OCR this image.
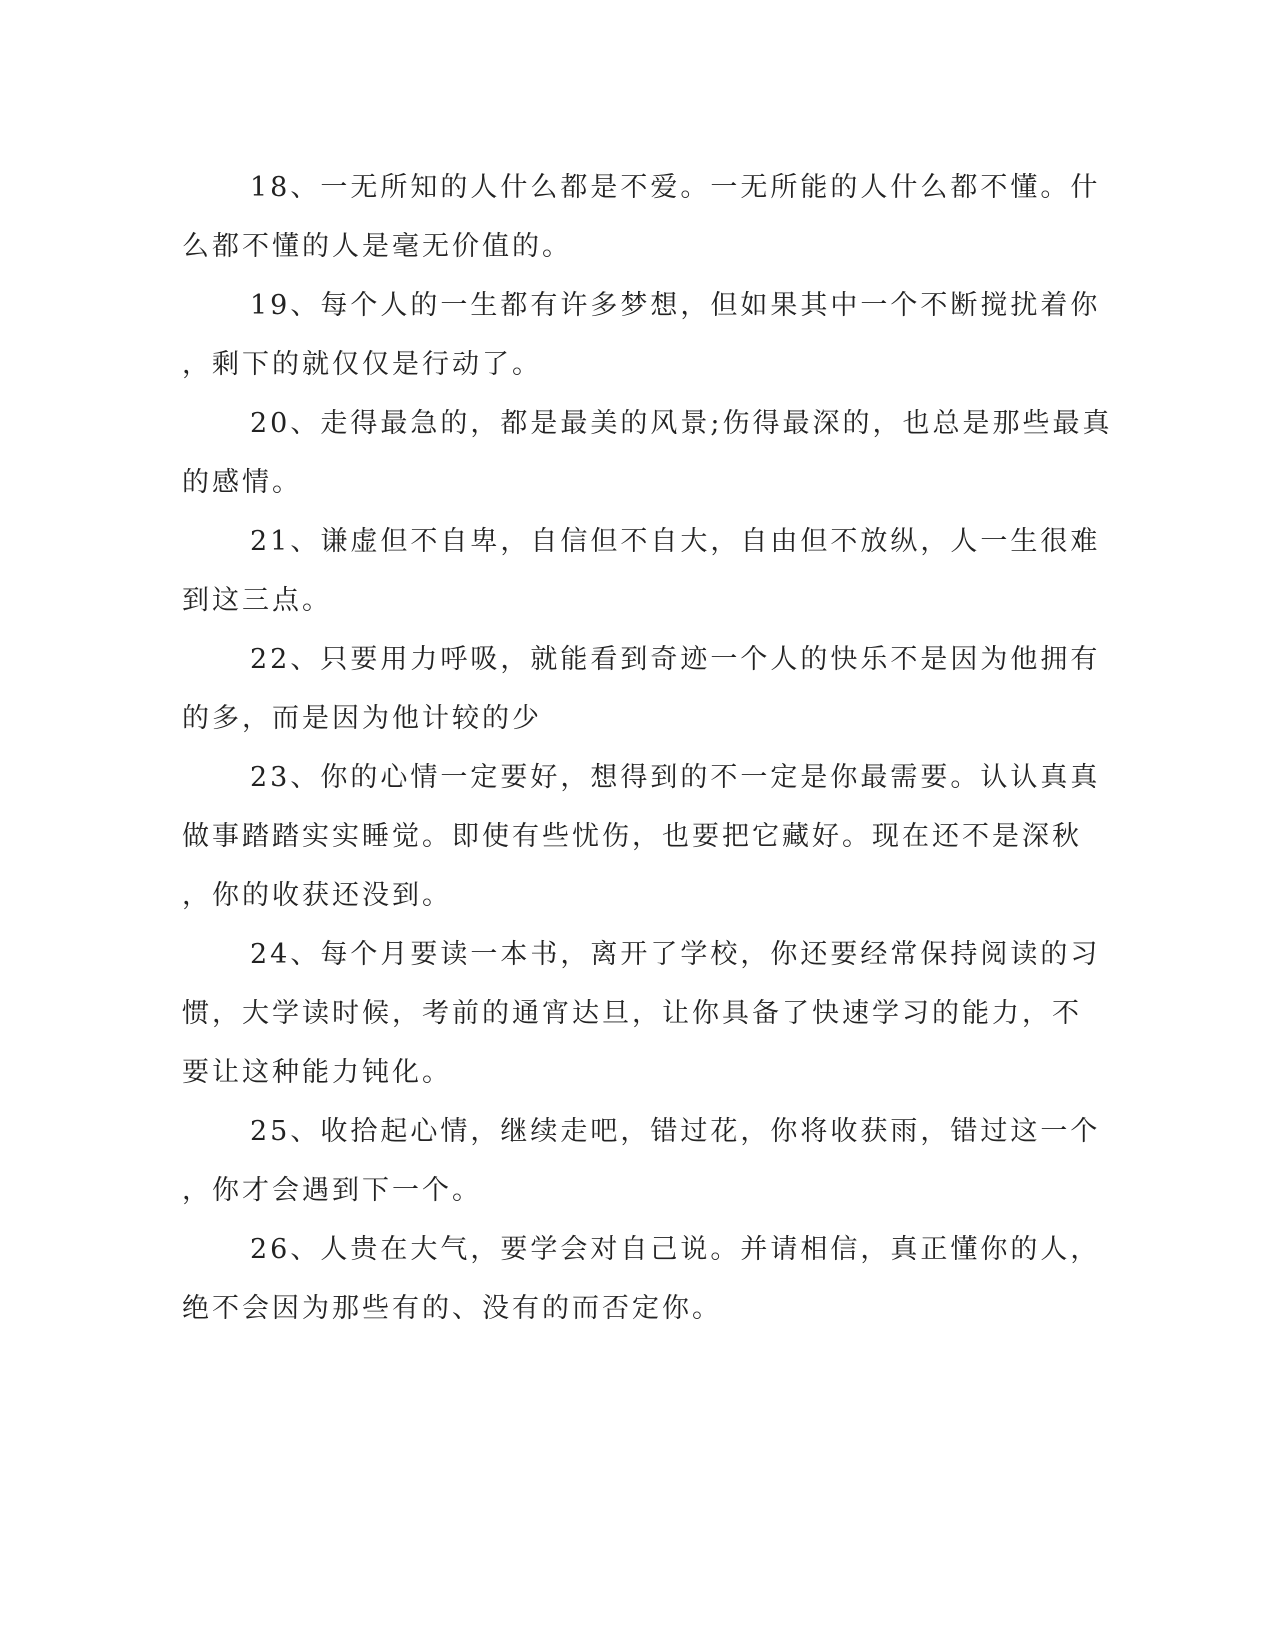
18、一无所知的人什么都是不爱。一无所能的人什么都不懂。什
么都不懂的人是毫无价值的。

19、每个人的一生都有许多梦想，但如果其中一个不断搅扰着你
，剩下的就仅仅是行动了。

20、走得最急的，都是最美的风景;伤得最深的，也总是那些最真
的感情。

21、谦虚但不自卑，自信但不自大，自由但不放纵，人一生很难
到这三点。

22、只要用力呼吸，就能看到奇迹一个人的快乐不是因为他拥有
的多，而是因为他计较的少

23、你的心情一定要好，想得到的不一定是你最需要。认认真真
做事踏踏实实睡觉。即使有些忧伤，也要把它藏好。现在还不是深秋
，你的收获还没到。

24、每个月要读一本书，离开了学校，你还要经常保持阅读的习
惯，大学读时候，考前的通宵达旦，让你具备了快速学习的能力，不
要让这种能力钝化。

25、收拾起心情，继续走吧，错过花，你将收获雨，错过这一个
，你才会遇到下一个。

26、人贵在大气，要学会对自己说。并请相信，真正懂你的人，
绝不会因为那些有的、没有的而否定你。
